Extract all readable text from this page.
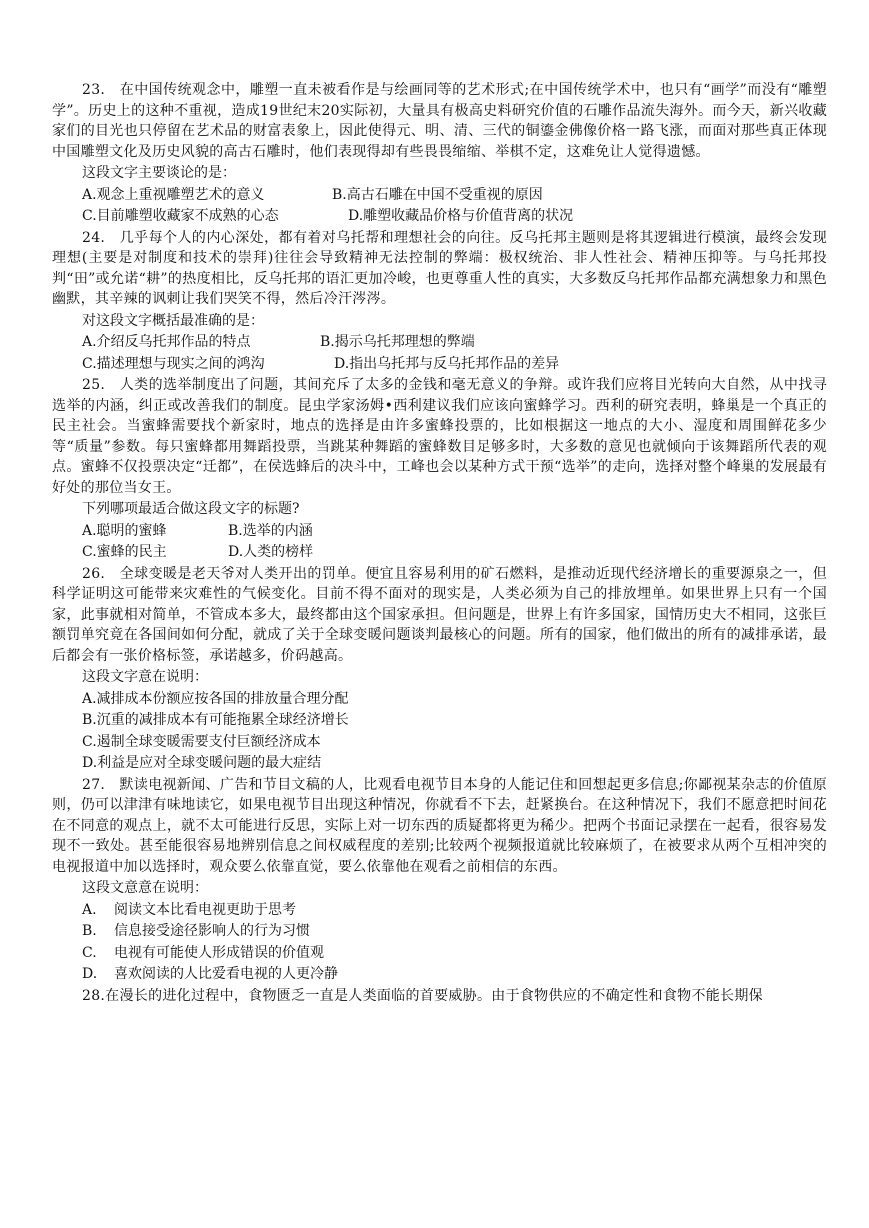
23.　在中国传统观念中，雕塑一直未被看作是与绘画同等的艺术形式;在中国传统学术中，也只有“画学”而没有“雕塑学”。历史上的这种不重视，造成19世纪末20实际初，大量具有极高史料研究价值的石雕作品流失海外。而今天，新兴收藏家们的目光也只停留在艺术品的财富表象上，因此使得元、明、清、三代的铜鎏金佛像价格一路飞涨，而面对那些真正体现中国雕塑文化及历史风貌的高古石雕时，他们表现得却有些畏畏缩缩、举棋不定，这难免让人觉得遗憾。

这段文字主要谈论的是：

A.观念上重视雕塑艺术的意义	B.高古石雕在中国不受重视的原因
C.目前雕塑收藏家不成熟的心态	D.雕塑收藏品价格与价值背离的状况

24.　几乎每个人的内心深处，都有着对乌托帮和理想社会的向往。反乌托邦主题则是将其逻辑进行模演，最终会发现理想(主要是对制度和技术的崇拜)往往会导致精神无法控制的弊端：极权统治、非人性社会、精神压抑等。与乌托邦投判“田”或允诺“耕”的热度相比，反乌托邦的语汇更加冷峻，也更尊重人性的真实，大多数反乌托邦作品都充满想象力和黑色幽默，其辛辣的讽刺让我们哭笑不得，然后冷汗涔涔。

对这段文字概括最准确的是：

A.介绍反乌托邦作品的特点	B.揭示乌托邦理想的弊端
C.描述理想与现实之间的鸿沟	D.指出乌托邦与反乌托邦作品的差异

25.　人类的选举制度出了问题，其间充斥了太多的金钱和毫无意义的争辩。或许我们应将目光转向大自然，从中找寻选举的内涵，纠正或改善我们的制度。昆虫学家汤姆•西利建议我们应该向蜜蜂学习。西利的研究表明，蜂巢是一个真正的民主社会。当蜜蜂需要找个新家时，地点的选择是由许多蜜蜂投票的，比如根据这一地点的大小、湿度和周围鲜花多少等“质量”参数。每只蜜蜂都用舞蹈投票，当跳某种舞蹈的蜜蜂数目足够多时，大多数的意见也就倾向于该舞蹈所代表的观点。蜜蜂不仅投票决定“迁都”，在侯选蜂后的决斗中，工峰也会以某种方式干预“选举”的走向，选择对整个峰巢的发展最有好处的那位当女王。

下列哪项最适合做这段文字的标题?

A.聪明的蜜蜂	B.选举的内涵
C.蜜蜂的民主	D.人类的榜样

26.　全球变暖是老天爷对人类开出的罚单。便宜且容易利用的矿石燃料，是推动近现代经济增长的重要源泉之一，但科学证明这可能带来灾难性的气候变化。目前不得不面对的现实是，人类必须为自己的排放埋单。如果世界上只有一个国家，此事就相对简单，不管成本多大，最终都由这个国家承担。但问题是，世界上有许多国家，国情历史大不相同，这张巨额罚单究竟在各国间如何分配，就成了关于全球变暖问题谈判最核心的问题。所有的国家，他们做出的所有的减排承诺，最后都会有一张价格标签，承诺越多，价码越高。

这段文字意在说明：

A.减排成本份额应按各国的排放量合理分配

B.沉重的减排成本有可能拖累全球经济增长

C.遏制全球变暖需要支付巨额经济成本

D.利益是应对全球变暖问题的最大症结

27.　默读电视新闻、广告和节目文稿的人，比观看电视节目本身的人能记住和回想起更多信息;你鄙视某杂志的价值原则，仍可以津津有味地读它，如果电视节目出现这种情况，你就看不下去，赶紧换台。在这种情况下，我们不愿意把时间花在不同意的观点上，就不太可能进行反思，实际上对一切东西的质疑都将更为稀少。把两个书面记录摆在一起看，很容易发现不一致处。甚至能很容易地辨别信息之间权威程度的差别;比较两个视频报道就比较麻烦了，在被要求从两个互相冲突的电视报道中加以选择时，观众要么依靠直觉，要么依靠他在观看之前相信的东西。

这段文意意在说明：

A. 阅读文本比看电视更助于思考

B. 信息接受途径影响人的行为习惯

C. 电视有可能使人形成错误的价值观

D. 喜欢阅读的人比爱看电视的人更冷静

28.在漫长的进化过程中，食物匮乏一直是人类面临的首要威胁。由于食物供应的不确定性和食物不能长期保
